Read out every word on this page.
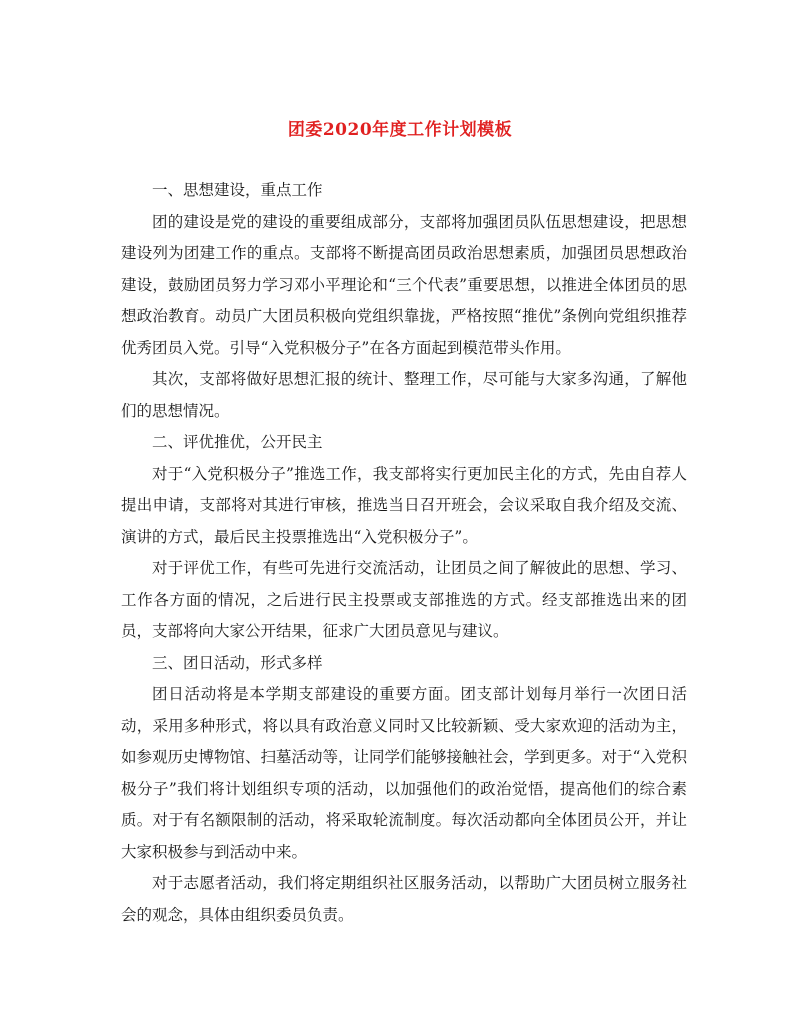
团委2020年度工作计划模板

一、思想建设，重点工作

团的建设是党的建设的重要组成部分，支部将加强团员队伍思想建设，把思想建设列为团建工作的重点。支部将不断提高团员政治思想素质，加强团员思想政治建设，鼓励团员努力学习邓小平理论和“三个代表”重要思想，以推进全体团员的思想政治教育。动员广大团员积极向党组织靠拢，严格按照“推优”条例向党组织推荐优秀团员入党。引导“入党积极分子”在各方面起到模范带头作用。

其次，支部将做好思想汇报的统计、整理工作，尽可能与大家多沟通，了解他们的思想情况。

二、评优推优，公开民主

对于“入党积极分子”推选工作，我支部将实行更加民主化的方式，先由自荐人提出申请，支部将对其进行审核，推选当日召开班会，会议采取自我介绍及交流、演讲的方式，最后民主投票推选出“入党积极分子”。

对于评优工作，有些可先进行交流活动，让团员之间了解彼此的思想、学习、工作各方面的情况，之后进行民主投票或支部推选的方式。经支部推选出来的团员，支部将向大家公开结果，征求广大团员意见与建议。

三、团日活动，形式多样

团日活动将是本学期支部建设的重要方面。团支部计划每月举行一次团日活动，采用多种形式，将以具有政治意义同时又比较新颖、受大家欢迎的活动为主，如参观历史博物馆、扫墓活动等，让同学们能够接触社会，学到更多。对于“入党积极分子”我们将计划组织专项的活动，以加强他们的政治觉悟，提高他们的综合素质。对于有名额限制的活动，将采取轮流制度。每次活动都向全体团员公开，并让大家积极参与到活动中来。

对于志愿者活动，我们将定期组织社区服务活动，以帮助广大团员树立服务社会的观念，具体由组织委员负责。
